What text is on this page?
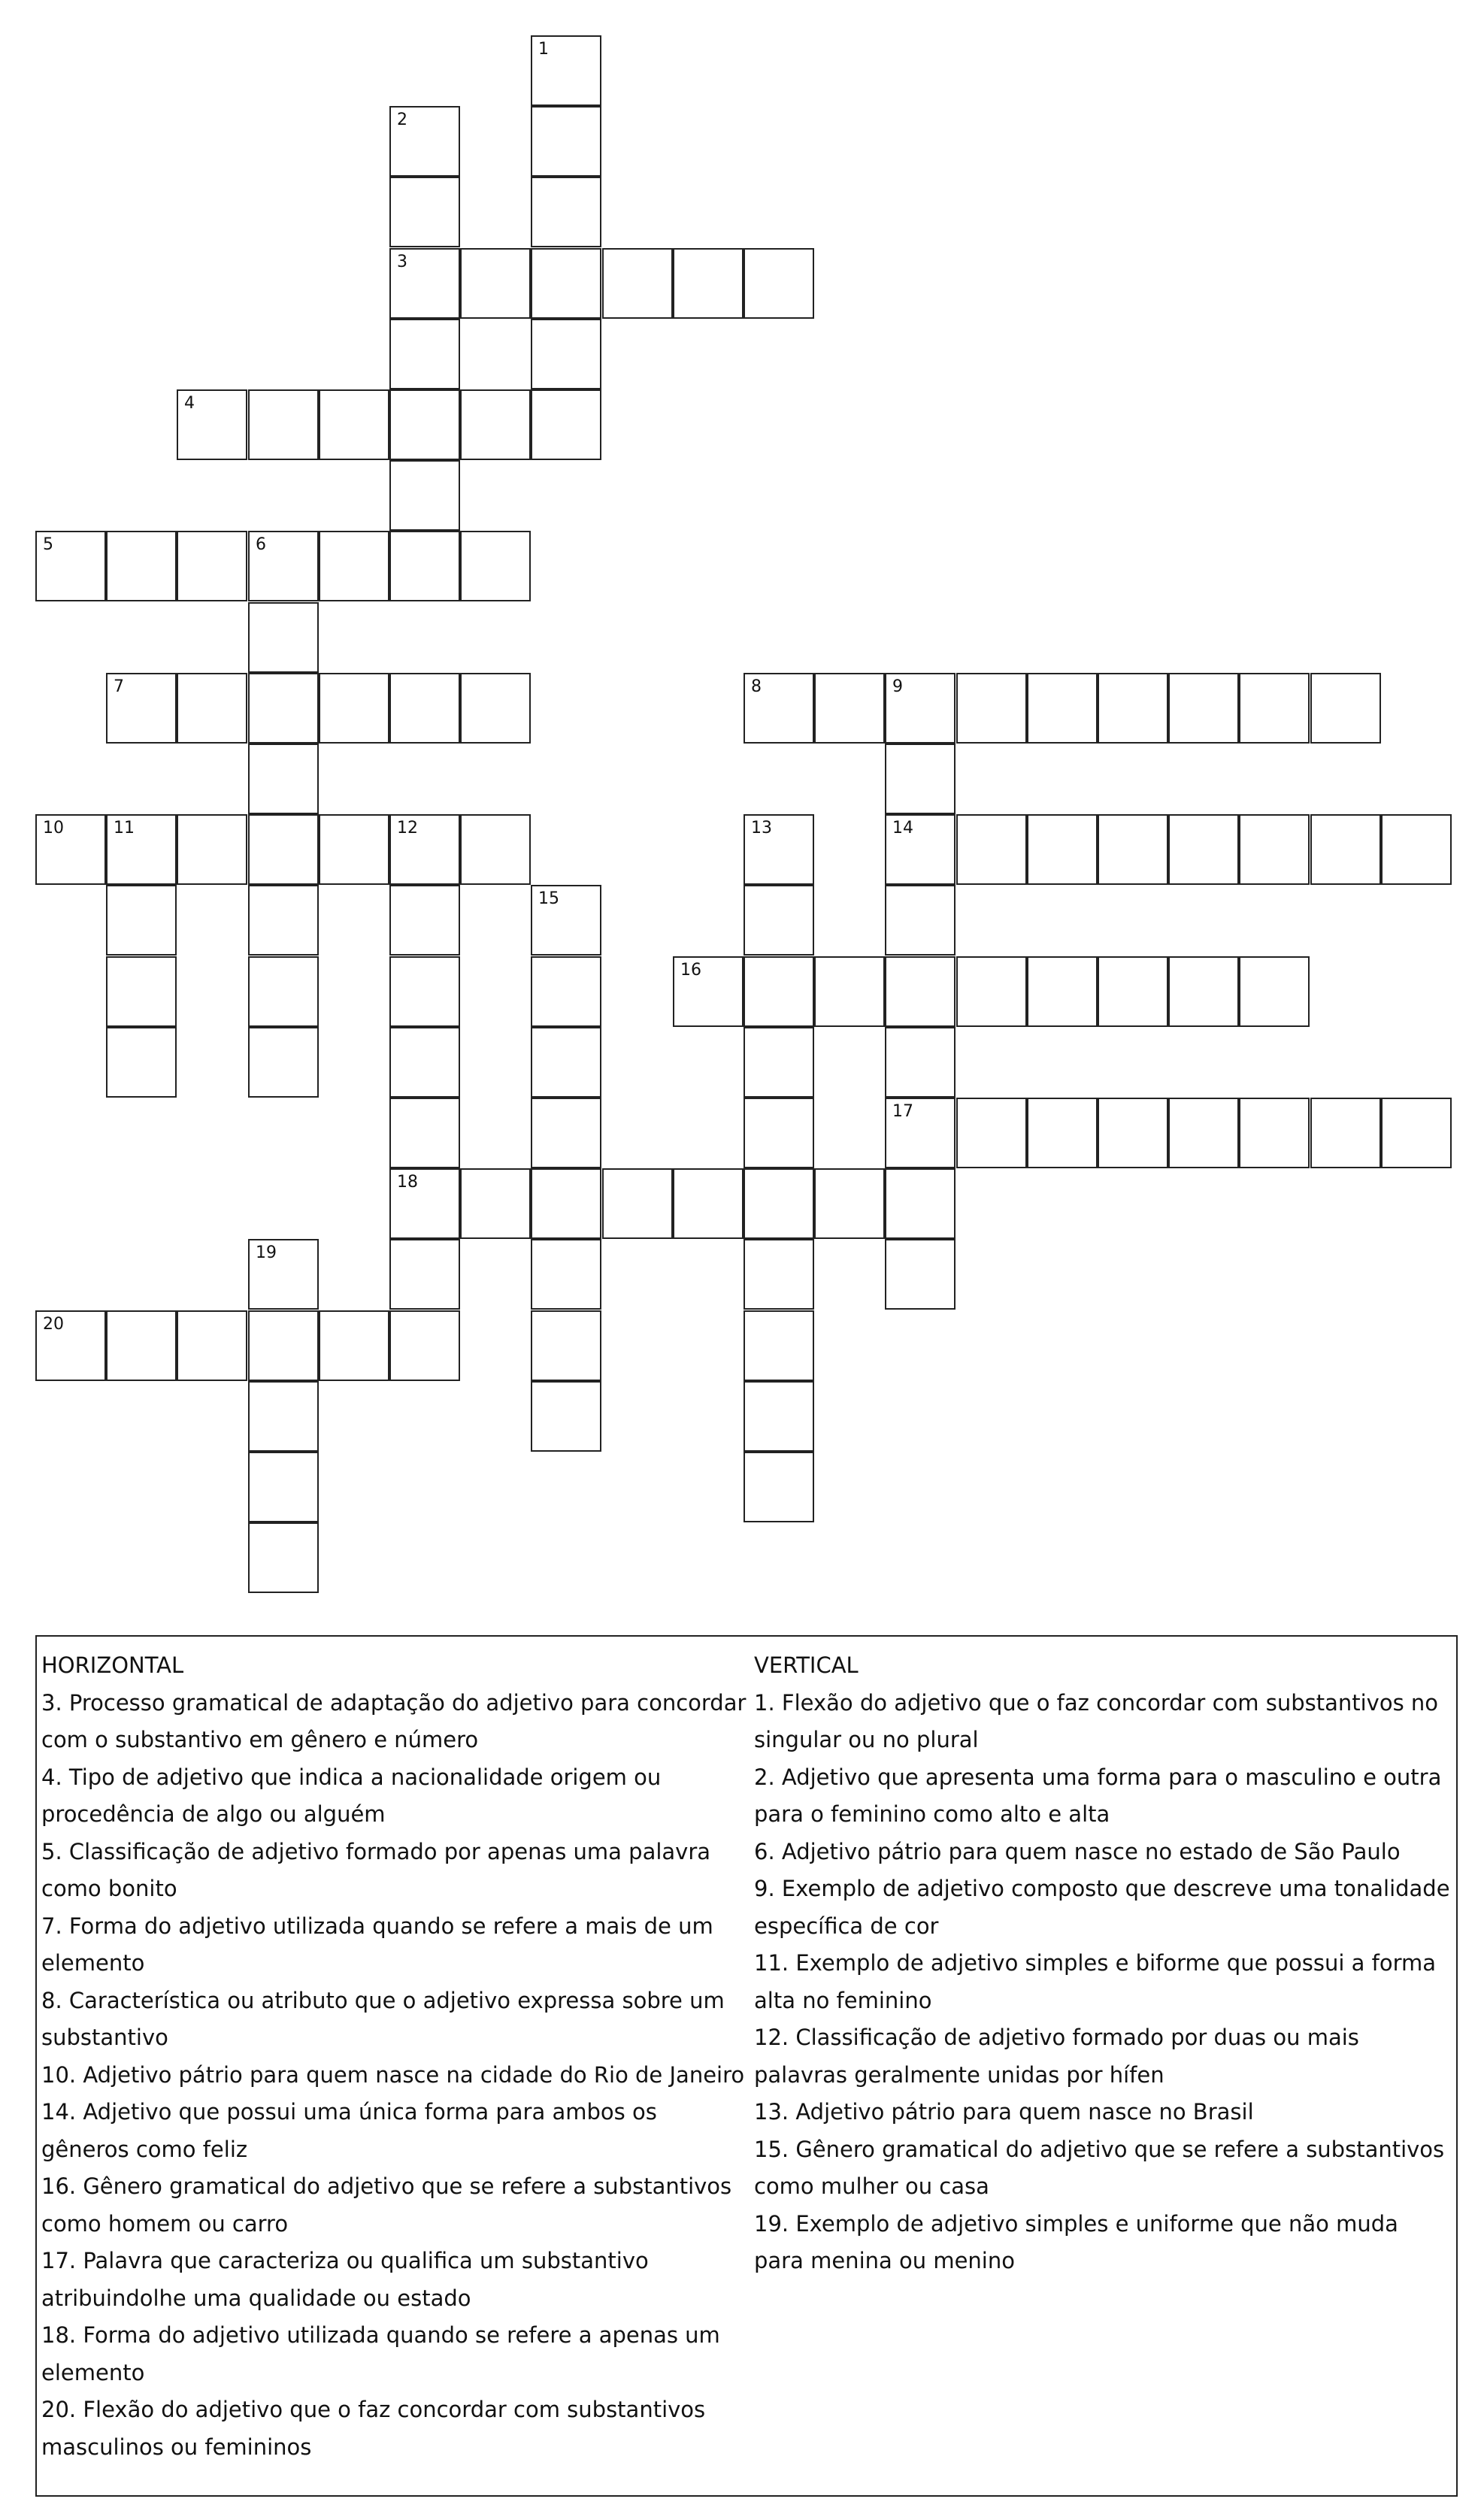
1
2
3
4
5	6
7	8	9
14
17
10	11	12
18
13
15
16
19
20
HORIZONTAL

3. Processo gramatical de adaptação do adjetivo para concordar com o substantivo em gênero e número

4. Tipo de adjetivo que indica a nacionalidade origem ou procedência de algo ou alguém

5. Classificação de adjetivo formado por apenas uma palavra como bonito

7. Forma do adjetivo utilizada quando se refere a mais de um elemento

8. Característica ou atributo que o adjetivo expressa sobre um substantivo

10. Adjetivo pátrio para quem nasce na cidade do Rio de Janeiro

14. Adjetivo que possui uma única forma para ambos os gêneros como feliz

16. Gênero gramatical do adjetivo que se refere a substantivos como homem ou carro

17. Palavra que caracteriza ou qualifica um substantivo atribuindolhe uma qualidade ou estado

18. Forma do adjetivo utilizada quando se refere a apenas um elemento

20. Flexão do adjetivo que o faz concordar com substantivos masculinos ou femininos

VERTICAL

1. Flexão do adjetivo que o faz concordar com substantivos no singular ou no plural

2. Adjetivo que apresenta uma forma para o masculino e outra para o feminino como alto e alta

6. Adjetivo pátrio para quem nasce no estado de São Paulo

9. Exemplo de adjetivo composto que descreve uma tonalidade específica de cor

11. Exemplo de adjetivo simples e biforme que possui a forma alta no feminino

12. Classificação de adjetivo formado por duas ou mais palavras geralmente unidas por hífen

13. Adjetivo pátrio para quem nasce no Brasil

15. Gênero gramatical do adjetivo que se refere a substantivos como mulher ou casa

19. Exemplo de adjetivo simples e uniforme que não muda para menina ou menino
